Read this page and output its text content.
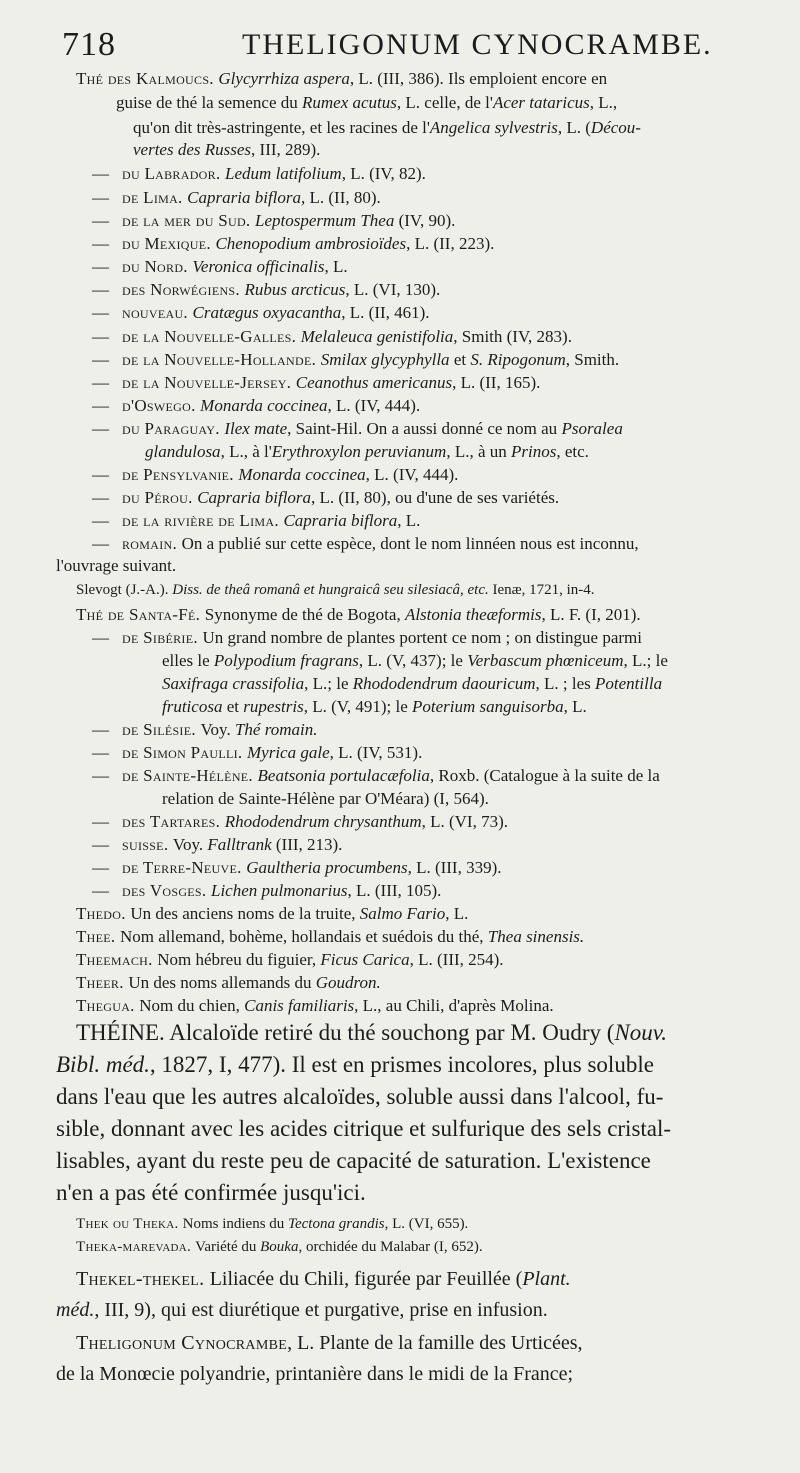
718	THELIGONUM CYNOCRAMBE.
Thé des Kalmoucs. Glycyrrhiza aspera, L. (III, 386). Ils emploient encore en
guise de thé la semence du Rumex acutus, L. celle, de l'Acer tataricus, L.,
qu'on dit très-astringente, et les racines de l'Angelica sylvestris, L. (Décou-
vertes des Russes, III, 289).
— du Labrador. Ledum latifolium, L. (IV, 82).
— de Lima. Capraria biflora, L. (II, 80).
— de la mer du Sud. Leptospermum Thea (IV, 90).
— du Mexique. Chenopodium ambrosioïdes, L. (II, 223).
— du Nord. Veronica officinalis, L.
— des Norwégiens. Rubus arcticus, L. (VI, 130).
— nouveau. Cratægus oxyacantha, L. (II, 461).
— de la Nouvelle-Galles. Melaleuca genistifolia, Smith (IV, 283).
— de la Nouvelle-Hollande. Smilax glycyphylla et S. Ripogonum, Smith.
— de la Nouvelle-Jersey. Ceanothus americanus, L. (II, 165).
— d'Oswego. Monarda coccinea, L. (IV, 444).
— du Paraguay. Ilex mate, Saint-Hil. On a aussi donné ce nom au Psoralea
glandulosa, L., à l'Erythroxylon peruvianum, L., à un Prinos, etc.
— de Pensylvanie. Monarda coccinea, L. (IV, 444).
— du Pérou. Capraria biflora, L. (II, 80), ou d'une de ses variétés.
— de la rivière de Lima. Capraria biflora, L.
— romain. On a publié sur cette espèce, dont le nom linnéen nous est inconnu,
l'ouvrage suivant.
Slevogt (J.-A.). Diss. de theâ romanâ et hungraicâ seu silesiacâ, etc. Ienæ, 1721, in-4.
Thé de Santa-Fé. Synonyme de thé de Bogota, Alstonia theæformis, L. F. (I, 201).
— de Sibérie. Un grand nombre de plantes portent ce nom ; on distingue parmi
elles le Polypodium fragrans, L. (V, 437); le Verbascum phœniceum, L.; le
Saxifraga crassifolia, L.; le Rhododendrum daouricum, L. ; les Potentilla
fruticosa et rupestris, L. (V, 491); le Poterium sanguisorba, L.
— de Silésie. Voy. Thé romain.
— de Simon Paulli. Myrica gale, L. (IV, 531).
— de Sainte-Hélène. Beatsonia portulacæfolia, Roxb. (Catalogue à la suite de la
relation de Sainte-Hélène par O'Méara) (I, 564).
— des Tartares. Rhododendrum chrysanthum, L. (VI, 73).
— suisse. Voy. Falltrank (III, 213).
— de Terre-Neuve. Gaultheria procumbens, L. (III, 339).
— des Vosges. Lichen pulmonarius, L. (III, 105).
Thedo. Un des anciens noms de la truite, Salmo Fario, L.
Thee. Nom allemand, bohème, hollandais et suédois du thé, Thea sinensis.
Theemach. Nom hébreu du figuier, Ficus Carica, L. (III, 254).
Theer. Un des noms allemands du Goudron.
Thegua. Nom du chien, Canis familiaris, L., au Chili, d'après Molina.
THÉINE. Alcaloïde retiré du thé souchong par M. Oudry (Nouv.
Bibl. méd., 1827, I, 477). Il est en prismes incolores, plus soluble
dans l'eau que les autres alcaloïdes, soluble aussi dans l'alcool, fu-
sible, donnant avec les acides citrique et sulfurique des sels cristal-
lisables, ayant du reste peu de capacité de saturation. L'existence
n'en a pas été confirmée jusqu'ici.
Thek ou Theka. Noms indiens du Tectona grandis, L. (VI, 655).
Theka-marevada. Variété du Bouka, orchidée du Malabar (I, 652).
Thekel-thekel. Liliacée du Chili, figurée par Feuillée (Plant.
méd., III, 9), qui est diurétique et purgative, prise en infusion.
Theligonum Cynocrambe, L. Plante de la famille des Urticées,
de la Monœcie polyandrie, printanière dans le midi de la France;
